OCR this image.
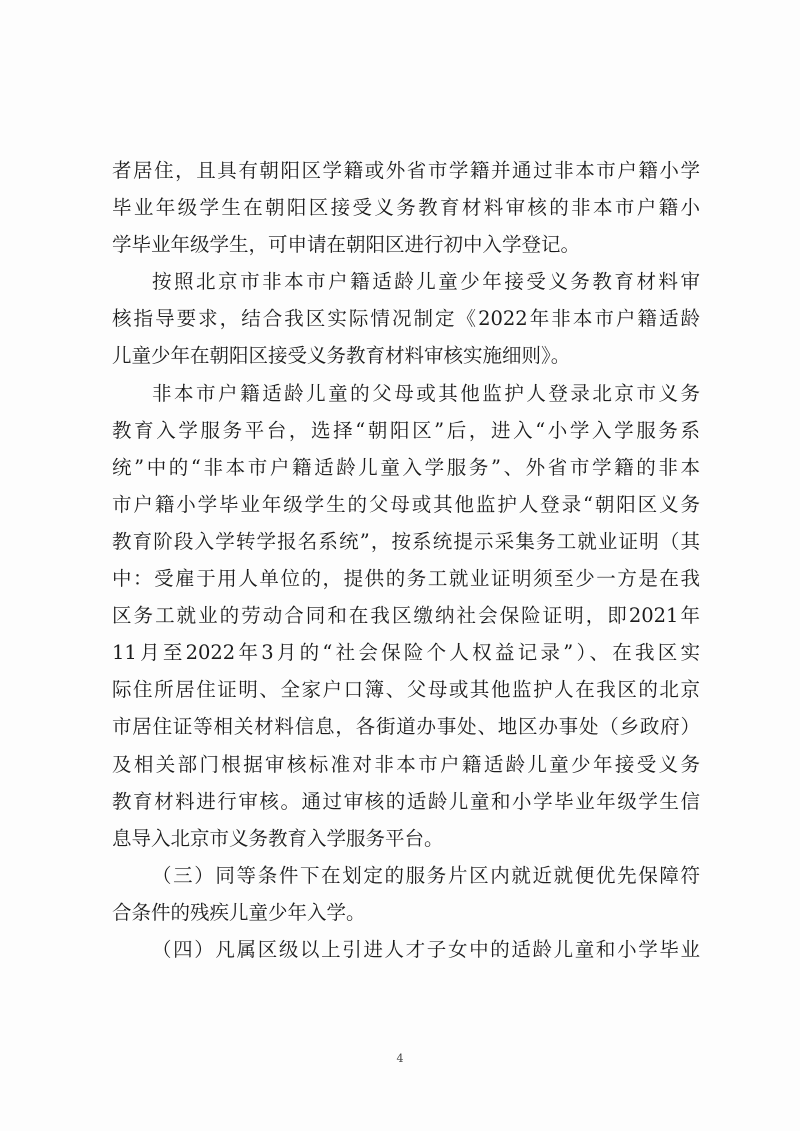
者居住，且具有朝阳区学籍或外省市学籍并通过非本市户籍小学
毕业年级学生在朝阳区接受义务教育材料审核的非本市户籍小
学毕业年级学生，可申请在朝阳区进行初中入学登记。
按照北京市非本市户籍适龄儿童少年接受义务教育材料审
核指导要求，结合我区实际情况制定《2022年非本市户籍适龄
儿童少年在朝阳区接受义务教育材料审核实施细则》。
非本市户籍适龄儿童的父母或其他监护人登录北京市义务
教育入学服务平台，选择“朝阳区”后，进入“小学入学服务系
统”中的“非本市户籍适龄儿童入学服务”、外省市学籍的非本
市户籍小学毕业年级学生的父母或其他监护人登录“朝阳区义务
教育阶段入学转学报名系统”，按系统提示采集务工就业证明（其
中：受雇于用人单位的，提供的务工就业证明须至少一方是在我
区务工就业的劳动合同和在我区缴纳社会保险证明，即2021年
11月至2022年3月的“社会保险个人权益记录”）、在我区实
际住所居住证明、全家户口簿、父母或其他监护人在我区的北京
市居住证等相关材料信息，各街道办事处、地区办事处（乡政府）
及相关部门根据审核标准对非本市户籍适龄儿童少年接受义务
教育材料进行审核。通过审核的适龄儿童和小学毕业年级学生信
息导入北京市义务教育入学服务平台。
（三）同等条件下在划定的服务片区内就近就便优先保障符
合条件的残疾儿童少年入学。
（四）凡属区级以上引进人才子女中的适龄儿童和小学毕业
4
